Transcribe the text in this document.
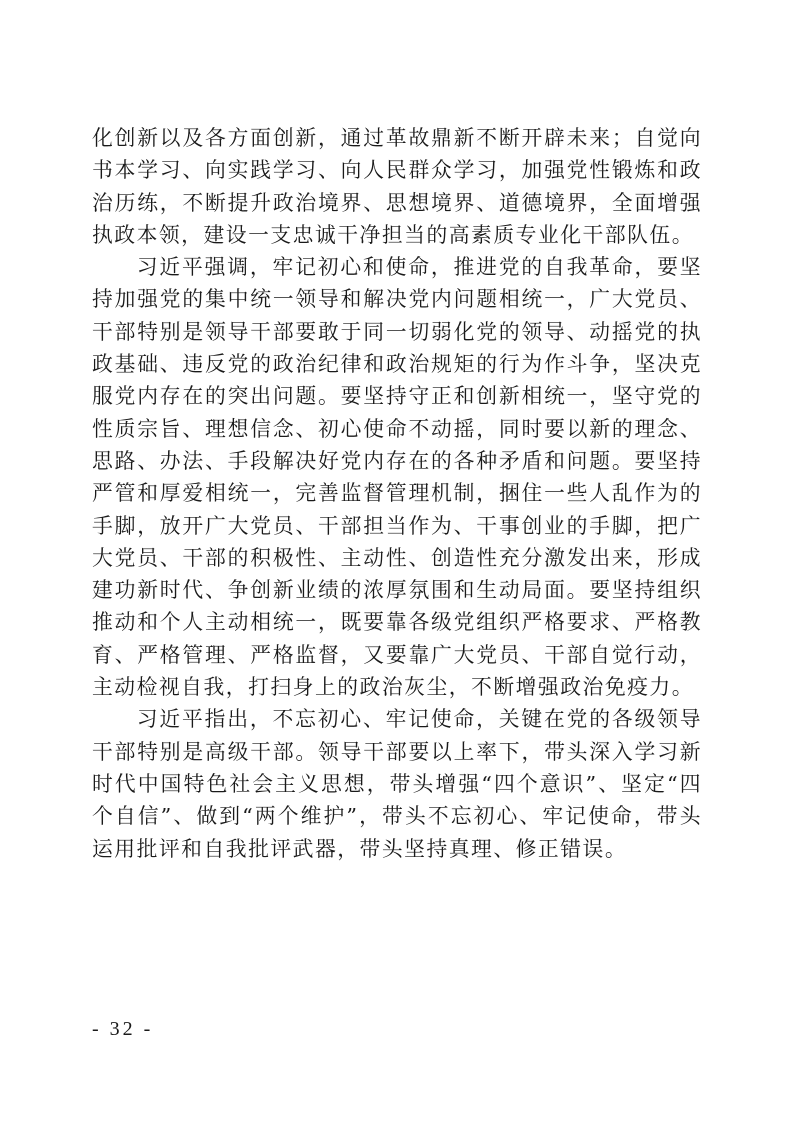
化创新以及各方面创新，通过革故鼎新不断开辟未来；自觉向书本学习、向实践学习、向人民群众学习，加强党性锻炼和政治历练，不断提升政治境界、思想境界、道德境界，全面增强执政本领，建设一支忠诚干净担当的高素质专业化干部队伍。

习近平强调，牢记初心和使命，推进党的自我革命，要坚持加强党的集中统一领导和解决党内问题相统一，广大党员、干部特别是领导干部要敢于同一切弱化党的领导、动摇党的执政基础、违反党的政治纪律和政治规矩的行为作斗争，坚决克服党内存在的突出问题。要坚持守正和创新相统一，坚守党的性质宗旨、理想信念、初心使命不动摇，同时要以新的理念、思路、办法、手段解决好党内存在的各种矛盾和问题。要坚持严管和厚爱相统一，完善监督管理机制，捆住一些人乱作为的手脚，放开广大党员、干部担当作为、干事创业的手脚，把广大党员、干部的积极性、主动性、创造性充分激发出来，形成建功新时代、争创新业绩的浓厚氛围和生动局面。要坚持组织推动和个人主动相统一，既要靠各级党组织严格要求、严格教育、严格管理、严格监督，又要靠广大党员、干部自觉行动，主动检视自我，打扫身上的政治灰尘，不断增强政治免疫力。

习近平指出，不忘初心、牢记使命，关键在党的各级领导干部特别是高级干部。领导干部要以上率下，带头深入学习新时代中国特色社会主义思想，带头增强“四个意识”、坚定“四个自信”、做到“两个维护”，带头不忘初心、牢记使命，带头运用批评和自我批评武器，带头坚持真理、修正错误。

- 32 -
